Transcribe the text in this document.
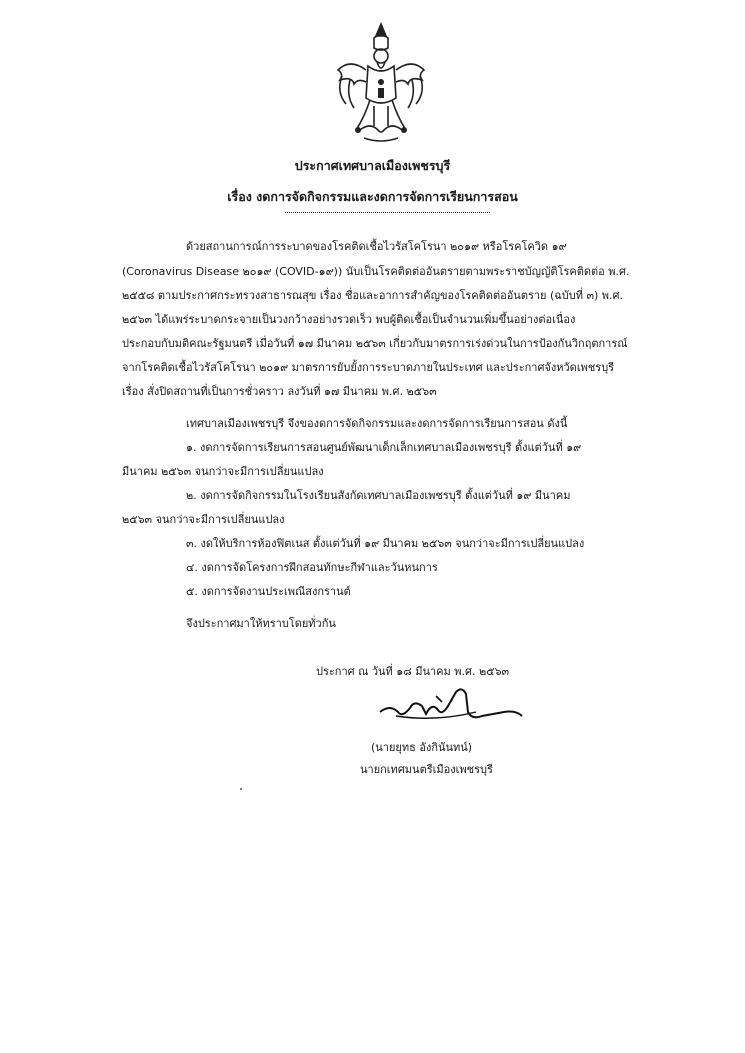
ประกาศเทศบาลเมืองเพชรบุรี
เรื่อง งดการจัดกิจกรรมและงดการจัดการเรียนการสอน
ด้วยสถานการณ์การระบาดของโรคติดเชื้อไวรัสโคโรนา ๒๐๑๙ หรือโรคโควิด ๑๙
(Coronavirus Disease ๒๐๑๙ (COVID-๑๙)) นับเป็นโรคติดต่ออันตรายตามพระราชบัญญัติโรคติดต่อ พ.ศ.
๒๕๕๘ ตามประกาศกระทรวงสาธารณสุข เรื่อง ชื่อและอาการสำคัญของโรคติดต่ออันตราย (ฉบับที่ ๓) พ.ศ.
๒๕๖๓ ได้แพร่ระบาดกระจายเป็นวงกว้างอย่างรวดเร็ว พบผู้ติดเชื้อเป็นจำนวนเพิ่มขึ้นอย่างต่อเนื่อง
ประกอบกับมติคณะรัฐมนตรี เมื่อวันที่ ๑๗ มีนาคม ๒๕๖๓ เกี่ยวกับมาตรการเร่งด่วนในการป้องกันวิกฤตการณ์
จากโรคติดเชื้อไวรัสโคโรนา ๒๐๑๙ มาตรการยับยั้งการระบาดภายในประเทศ และประกาศจังหวัดเพชรบุรี
เรื่อง สั่งปิดสถานที่เป็นการชั่วคราว ลงวันที่ ๑๗ มีนาคม พ.ศ. ๒๕๖๓
เทศบาลเมืองเพชรบุรี จึงของดการจัดกิจกรรมและงดการจัดการเรียนการสอน ดังนี้
๑. งดการจัดการเรียนการสอนศูนย์พัฒนาเด็กเล็กเทศบาลเมืองเพชรบุรี ตั้งแต่วันที่ ๑๙
มีนาคม ๒๕๖๓ จนกว่าจะมีการเปลี่ยนแปลง
๒. งดการจัดกิจกรรมในโรงเรียนสังกัดเทศบาลเมืองเพชรบุรี ตั้งแต่วันที่ ๑๙ มีนาคม
๒๕๖๓ จนกว่าจะมีการเปลี่ยนแปลง
๓. งดให้บริการห้องฟิตเนส ตั้งแต่วันที่ ๑๙ มีนาคม ๒๕๖๓ จนกว่าจะมีการเปลี่ยนแปลง
๔. งดการจัดโครงการฝึกสอนทักษะกีฬาและวันหนการ
๕. งดการจัดงานประเพณีสงกรานต์
จึงประกาศมาให้ทราบโดยทั่วกัน
ประกาศ ณ วันที่ ๑๘ มีนาคม พ.ศ. ๒๕๖๓
(นายยุทธ อังกินันทน์)
นายกเทศมนตรีเมืองเพชรบุรี
